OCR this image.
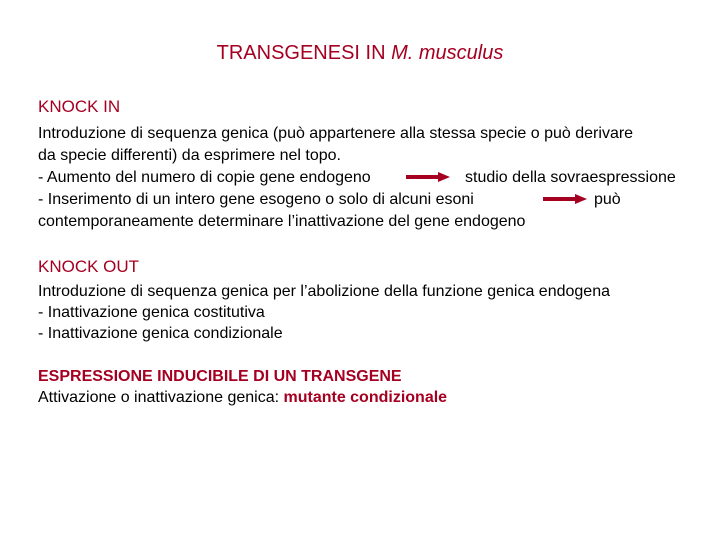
TRANSGENESI IN M. musculus
KNOCK IN
Introduzione di sequenza genica (può appartenere alla stessa specie o può derivare
da specie differenti) da esprimere nel topo.
- Aumento del numero di copie gene endogeno	studio della sovraespressione
- Inserimento di un intero gene esogeno o solo di alcuni esoni	può
contemporaneamente determinare l’inattivazione del gene endogeno
KNOCK OUT
Introduzione di sequenza genica per l’abolizione della funzione genica endogena
- Inattivazione genica costitutiva
- Inattivazione genica condizionale
ESPRESSIONE INDUCIBILE DI UN TRANSGENE
Attivazione o inattivazione genica: mutante condizionale
